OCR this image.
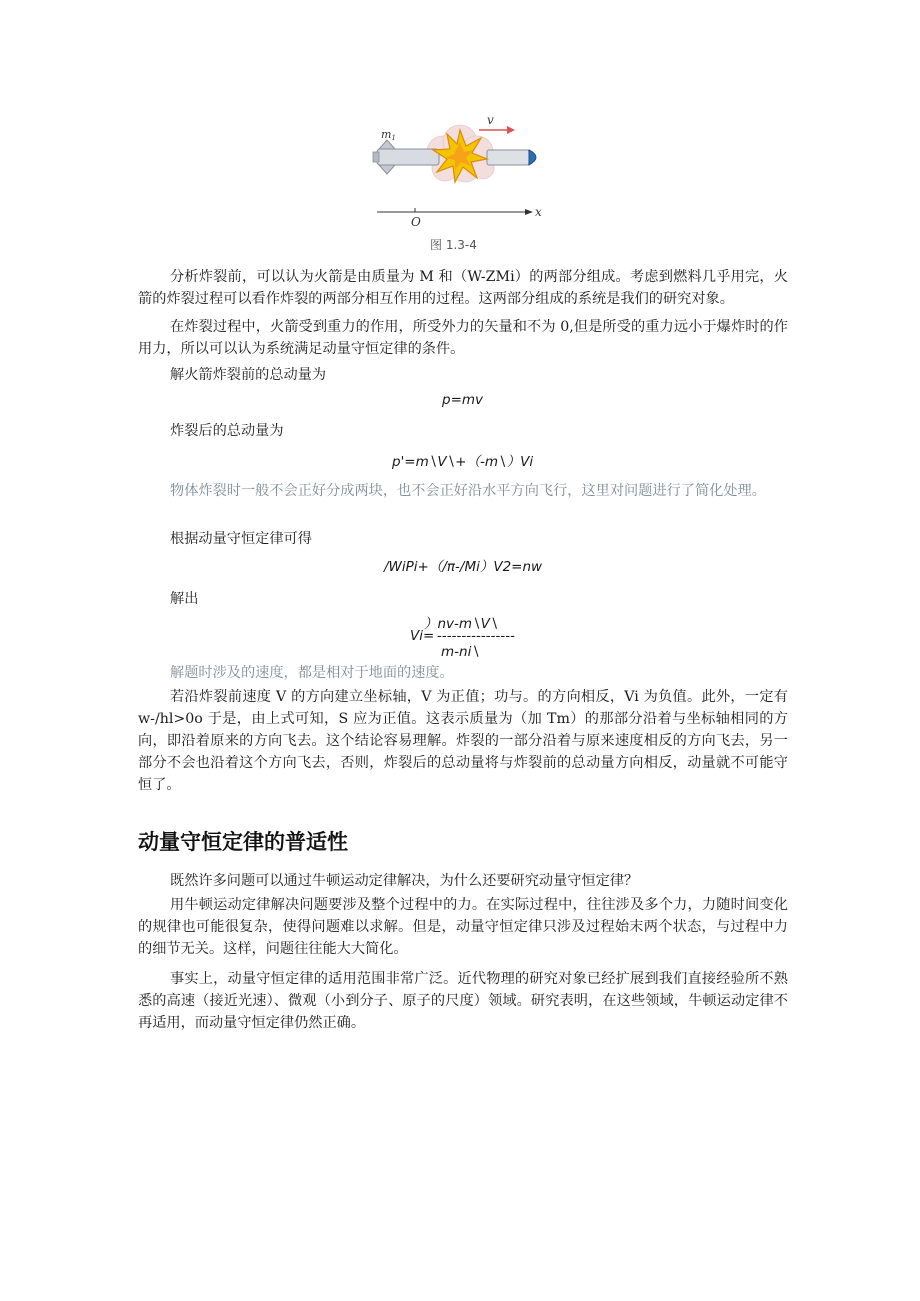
v
m1
O
x
图 1.3-4

分析炸裂前，可以认为火箭是由质量为 M 和（W-ZMi）的两部分组成。考虑到燃料几乎用完，火箭的炸裂过程可以看作炸裂的两部分相互作用的过程。这两部分组成的系统是我们的研究对象。

在炸裂过程中，火箭受到重力的作用，所受外力的矢量和不为 0,但是所受的重力远小于爆炸时的作用力，所以可以认为系统满足动量守恒定律的条件。

解火箭炸裂前的总动量为

p=mv

炸裂后的总动量为

p'=m∖V∖+（-m∖）Vi

物体炸裂时一般不会正好分成两块，也不会正好沿水平方向飞行，这里对问题进行了简化处理。

根据动量守恒定律可得

/WiPi+（/π-/Mi）V2=nw

解出

）nv-m∖V∖
Vi= ----------------
m-ni∖

解题时涉及的速度，都是相对于地面的速度。

若沿炸裂前速度 V 的方向建立坐标轴，V 为正值；功与。的方向相反，Vi 为负值。此外，一定有 w-∕hl>0o 于是，由上式可知，S 应为正值。这表示质量为（加 Tm）的那部分沿着与坐标轴相同的方向，即沿着原来的方向飞去。这个结论容易理解。炸裂的一部分沿着与原来速度相反的方向飞去，另一部分不会也沿着这个方向飞去，否则，炸裂后的总动量将与炸裂前的总动量方向相反，动量就不可能守恒了。

动量守恒定律的普适性

既然许多问题可以通过牛顿运动定律解决，为什么还要研究动量守恒定律？

用牛顿运动定律解决问题要涉及整个过程中的力。在实际过程中，往往涉及多个力，力随时间变化的规律也可能很复杂，使得问题难以求解。但是，动量守恒定律只涉及过程始末两个状态，与过程中力的细节无关。这样，问题往往能大大简化。

事实上，动量守恒定律的适用范围非常广泛。近代物理的研究对象已经扩展到我们直接经验所不熟悉的高速（接近光速）、微观（小到分子、原子的尺度）领域。研究表明，在这些领域，牛顿运动定律不再适用，而动量守恒定律仍然正确。
